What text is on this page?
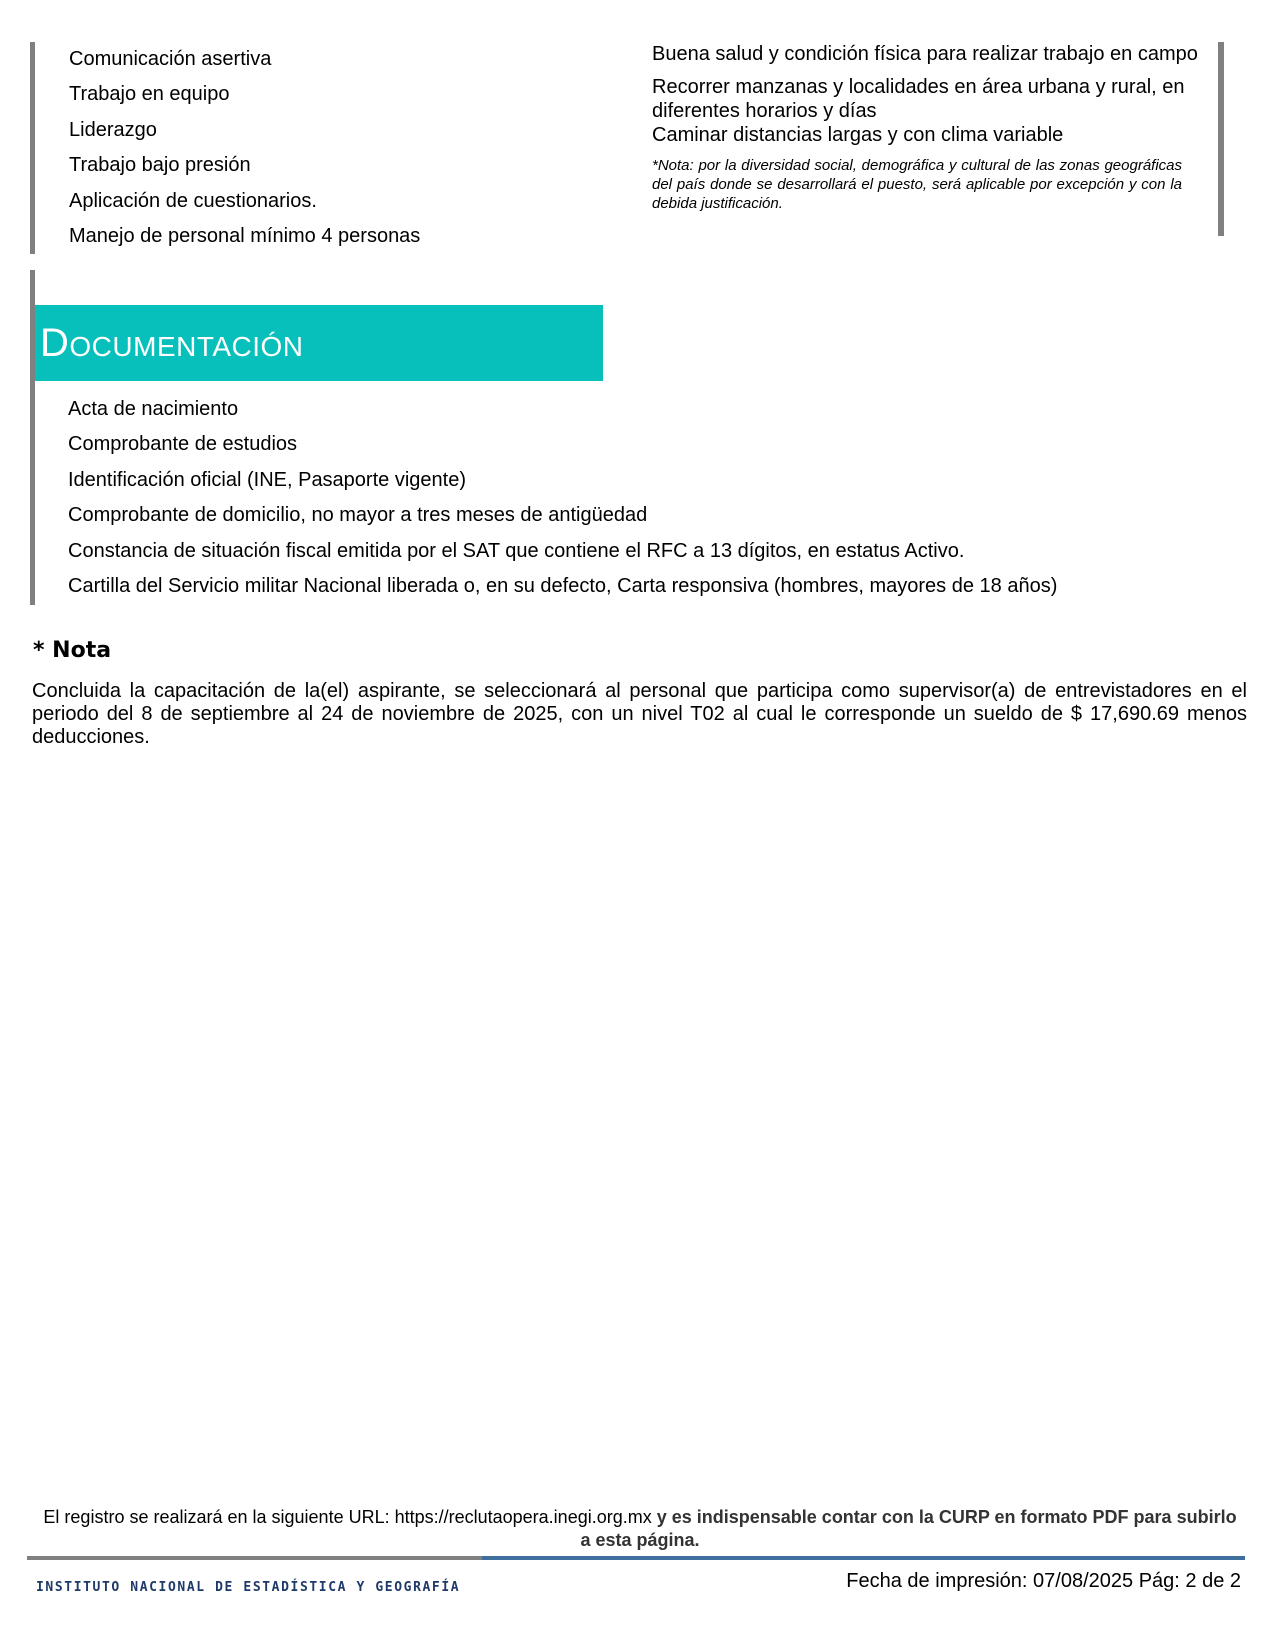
Comunicación asertiva
Trabajo en equipo
Liderazgo
Trabajo bajo presión
Aplicación de cuestionarios.
Manejo de personal mínimo 4 personas
Buena salud y condición física para realizar trabajo en campo
Recorrer manzanas y localidades en área urbana y rural, en diferentes horarios y días
Caminar distancias largas y con clima variable
*Nota: por la diversidad social, demográfica y cultural de las zonas geográficas del país donde se desarrollará el puesto, será aplicable por excepción y con la debida justificación.
Documentación
Acta de nacimiento
Comprobante de estudios
Identificación oficial (INE, Pasaporte vigente)
Comprobante de domicilio, no mayor a tres meses de antigüedad
Constancia de situación fiscal emitida por el SAT que contiene el RFC a 13 dígitos, en estatus Activo.
Cartilla del Servicio militar Nacional liberada o, en su defecto, Carta responsiva (hombres, mayores de 18 años)
* Nota
Concluida la capacitación de la(el) aspirante, se seleccionará al personal que participa como supervisor(a) de entrevistadores en el periodo del 8 de septiembre al 24 de noviembre de 2025, con un nivel T02 al cual le corresponde un sueldo de $ 17,690.69 menos deducciones.
El registro se realizará en la siguiente URL: https://reclutaopera.inegi.org.mx y es indispensable contar con la CURP en formato PDF para subirlo a esta página.
INSTITUTO NACIONAL DE ESTADÍSTICA Y GEOGRAFÍA	Fecha de impresión: 07/08/2025 Pág: 2 de 2
